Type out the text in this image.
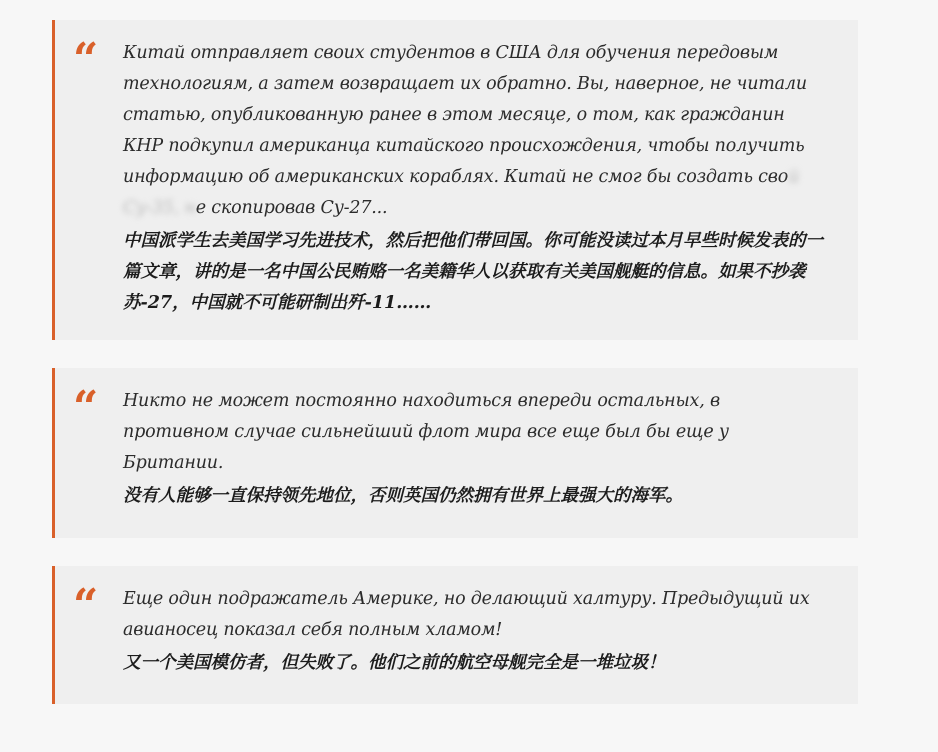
“ Китай отправляет своих студентов в США для обучения передовым технологиям, а затем возвращает их обратно. Вы, наверное, не читали статью, опубликованную ранее в этом месяце, о том, как гражданин КНР подкупил американца китайского происхождения, чтобы получить информацию об американских кораблях. Китай не смог бы создать свой Су-35, не скопировав Су-27...

中国派学生去美国学习先进技术，然后把他们带回国。你可能没读过本月早些时候发表的一篇文章，讲的是一名中国公民贿赂一名美籍华人以获取有关美国舰艇的信息。如果不抄袭苏-27，中国就不可能研制出歼-11……

“ Никто не может постоянно находиться впереди остальных, в противном случае сильнейший флот мира все еще был бы еще у Британии.

没有人能够一直保持领先地位，否则英国仍然拥有世界上最强大的海军。

“ Еще один подражатель Америке, но делающий халтуру. Предыдущий их авианосец показал себя полным хламом!

又一个美国模仿者，但失败了。他们之前的航空母舰完全是一堆垃圾！
